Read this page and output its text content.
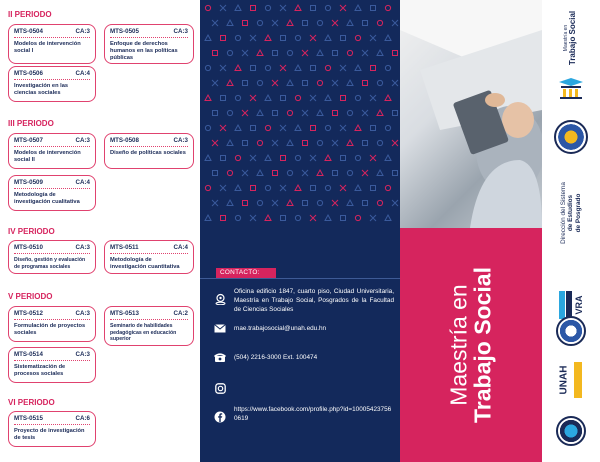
II PERIODO
MTS-0504	CA:3
Modelos de intervención social I
MTS-0505	CA:3
Enfoque de derechos humanos en las políticas públicas
MTS-0506	CA:4
Investigación en las ciencias sociales
III PERIODO
MTS-0507	CA:3
Modelos de intervención social II
MTS-0508	CA:3
Diseño de políticas sociales
MTS-0509	CA:4
Metodología de investigación cualitativa
IV PERIODO
MTS-0510	CA:3
Diseño, gestión y evaluación de programas sociales
MTS-0511	CA:4
Metodología de investigación cuantitativa
V PERIODO
MTS-0512	CA:3
Formulación de proyectos sociales
MTS-0513	CA:2
Seminario de habilidades pedagógicas en educación superior
MTS-0514	CA:3
Sistematización de procesos sociales
VI PERIODO
MTS-0515	CA:6
Proyecto de investigación de tesis
CONTACTO:
Oficina edificio 1847, cuarto piso, Ciudad Universitaria, Maestría en Trabajo Social, Posgrados de la Facultad de Ciencias Sociales
mae.trabajosocial@unah.edu.hn
(504) 2216-3000 Ext. 100474
https://www.facebook.com/profile.php?id=100054237560619
Maestría en
Trabajo Social
Maestría en Trabajo Social
Dirección del Sistema de Estudios de Posgrado
VRA
UNAH
